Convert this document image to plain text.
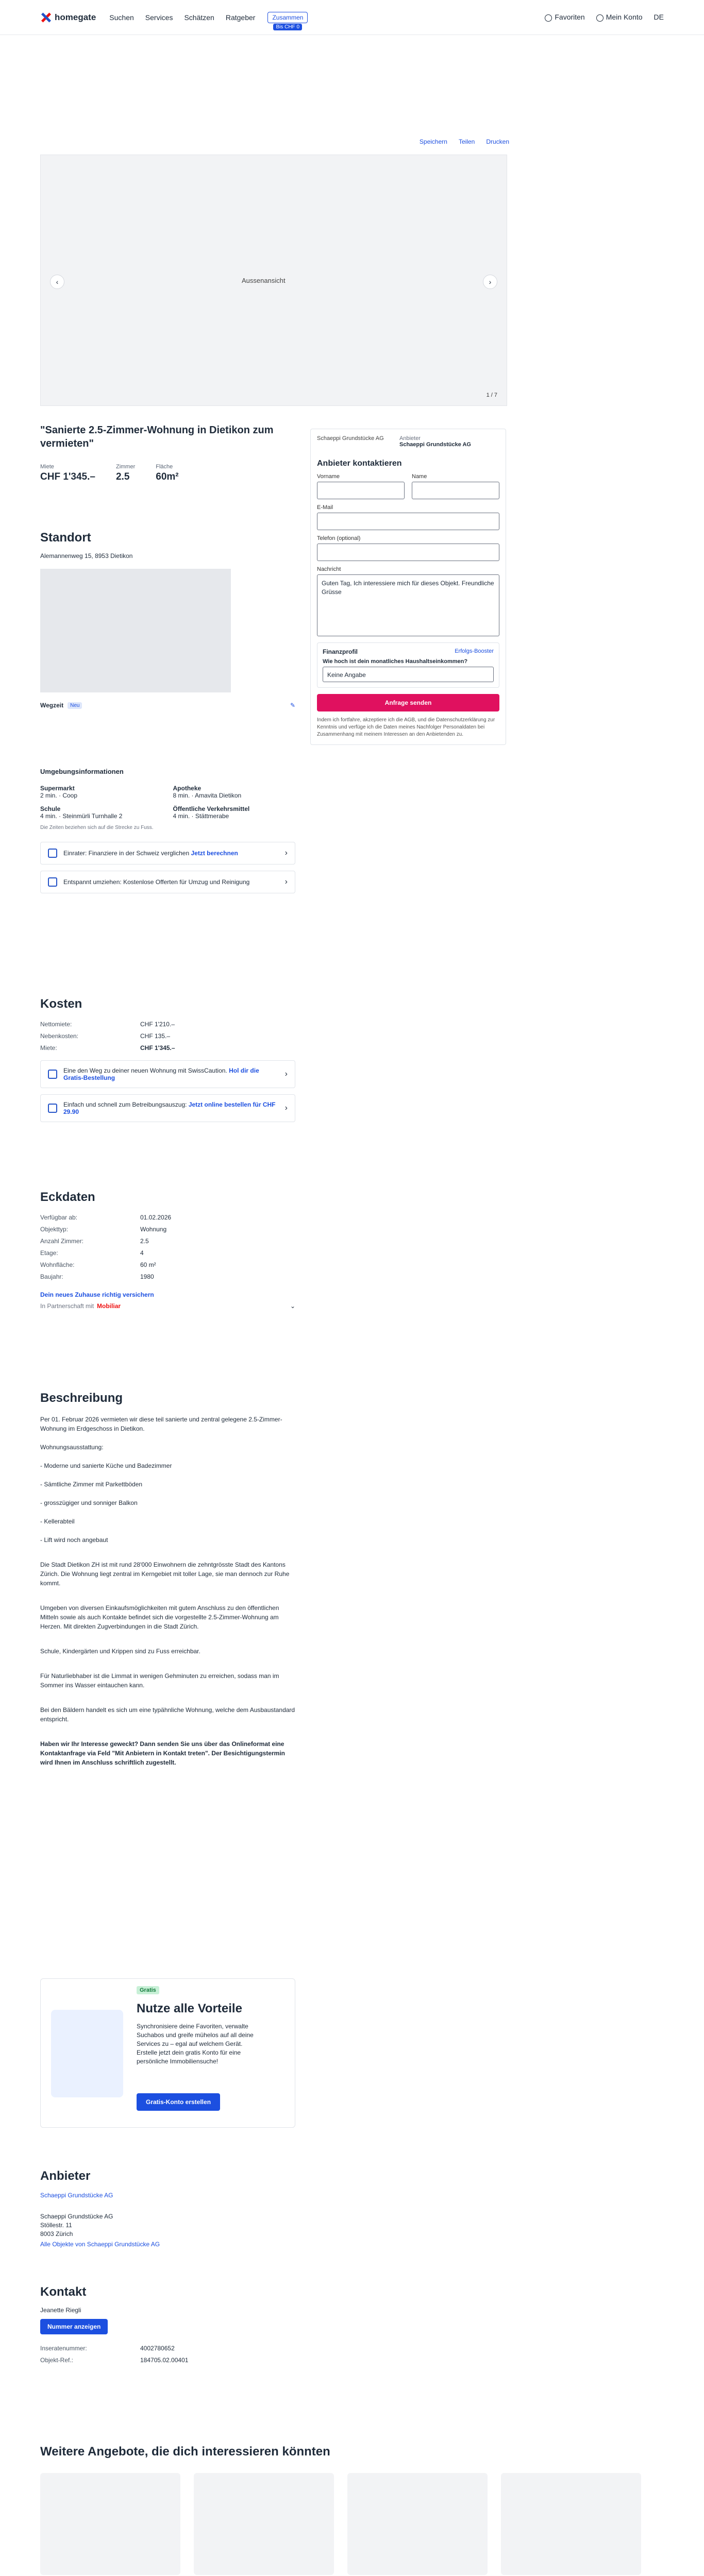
homegate Suchen Services Schätzen Ratgeber	Zusammen
Bis CHF 0
Favoriten	Mein Konto DE
Speichern Teilen Drucken
Aussenansicht
‹	›
1 / 7
"Sanierte 2.5-Zimmer-Wohnung in Dietikon zum vermieten"
Miete
CHF 1'345.–
Zimmer
2.5
Fläche
60m²
Standort
Alemannenweg 15, 8953 Dietikon
Wegzeit	Neu	✎
Umgebungsinformationen
Supermarkt
2 min. · Coop
Apotheke
8 min. · Amavita Dietikon
Schule
4 min. · Steinmürli Turnhalle 2
Öffentliche Verkehrsmittel
4 min. · Stättmerabe
Die Zeiten beziehen sich auf die Strecke zu Fuss.
Einrater: Finanziere in der Schweiz verglichen Jetzt berechnen	›
Entspannt umziehen: Kostenlose Offerten für Umzug und Reinigung	›
Kosten
Nettomiete:	CHF 1'210.–
Nebenkosten:	CHF 135.–
Miete:	CHF 1'345.–
Eine den Weg zu deiner neuen Wohnung mit SwissCaution. Hol dir die Gratis-Bestellung	›
Einfach und schnell zum Betreibungsauszug: Jetzt online bestellen für CHF 29.90	›
Eckdaten
Verfügbar ab:	01.02.2026
Objekttyp:	Wohnung
Anzahl Zimmer:	2.5
Etage:	4
Wohnfläche:	60 m²
Baujahr:	1980
Dein neues Zuhause richtig versichern
In Partnerschaft mit Mobiliar	⌄
Beschreibung

Per 01. Februar 2026 vermieten wir diese teil sanierte und zentral gelegene 2.5-Zimmer-Wohnung im Erdgeschoss in Dietikon.

Wohnungsausstattung:

- Moderne und sanierte Küche und Badezimmer

- Sämtliche Zimmer mit Parkettböden

- grosszügiger und sonniger Balkon

- Kellerabteil

- Lift wird noch angebaut

Die Stadt Dietikon ZH ist mit rund 28'000 Einwohnern die zehntgrösste Stadt des Kantons Zürich. Die Wohnung liegt zentral im Kerngebiet mit toller Lage, sie man dennoch zur Ruhe kommt.

Umgeben von diversen Einkaufsmöglichkeiten mit gutem Anschluss zu den öffentlichen Mitteln sowie als auch Kontakte befindet sich die vorgestellte 2.5-Zimmer-Wohnung am Herzen. Mit direkten Zugverbindungen in die Stadt Zürich.

Schule, Kindergärten und Krippen sind zu Fuss erreichbar.

Für Naturliebhaber ist die Limmat in wenigen Gehminuten zu erreichen, sodass man im Sommer ins Wasser eintauchen kann.

Bei den Bäldern handelt es sich um eine typähnliche Wohnung, welche dem Ausbaustandard entspricht.

Haben wir Ihr Interesse geweckt? Dann senden Sie uns über das Onlineformat eine Kontaktanfrage via Feld "Mit Anbietern in Kontakt treten". Der Besichtigungstermin wird Ihnen im Anschluss schriftlich zugestellt.

Gratis
Nutze alle Vorteile
Synchronisiere deine Favoriten, verwalte Suchabos und greife mühelos auf all deine Services zu – egal auf welchem Gerät. Erstelle jetzt dein gratis Konto für eine persönliche Immobiliensuche!
Gratis-Konto erstellen
Anbieter
Schaeppi Grundstücke AG
Schaeppi Grundstücke AG
Stöllestr. 11
8003 Zürich
Alle Objekte von Schaeppi Grundstücke AG
Kontakt
Jeanette Riegli
Nummer anzeigen
Inseratenummer:	4002780652
Objekt-Ref.:	184705.02.00401
Schaeppi Grundstücke AG	Anbieter
Schaeppi Grundstücke AG
Anbieter kontaktieren
Vorname	Name
E-Mail
Telefon (optional)
Nachricht
Guten Tag, Ich interessiere mich für dieses Objekt. Freundliche Grüsse
Finanzprofil	Erfolgs-Booster
Wie hoch ist dein monatliches Haushaltseinkommen?
Keine Angabe
Anfrage senden
Indem ich fortfahre, akzeptiere ich die AGB, und die Datenschutzerklärung zur Kenntnis und verfüge ich die Daten meines Nachfolger Personaldaten bei Zusammenhang mit meinem Interessen an den Anbietenden zu.
Weitere Angebote, die dich interessieren könnten
